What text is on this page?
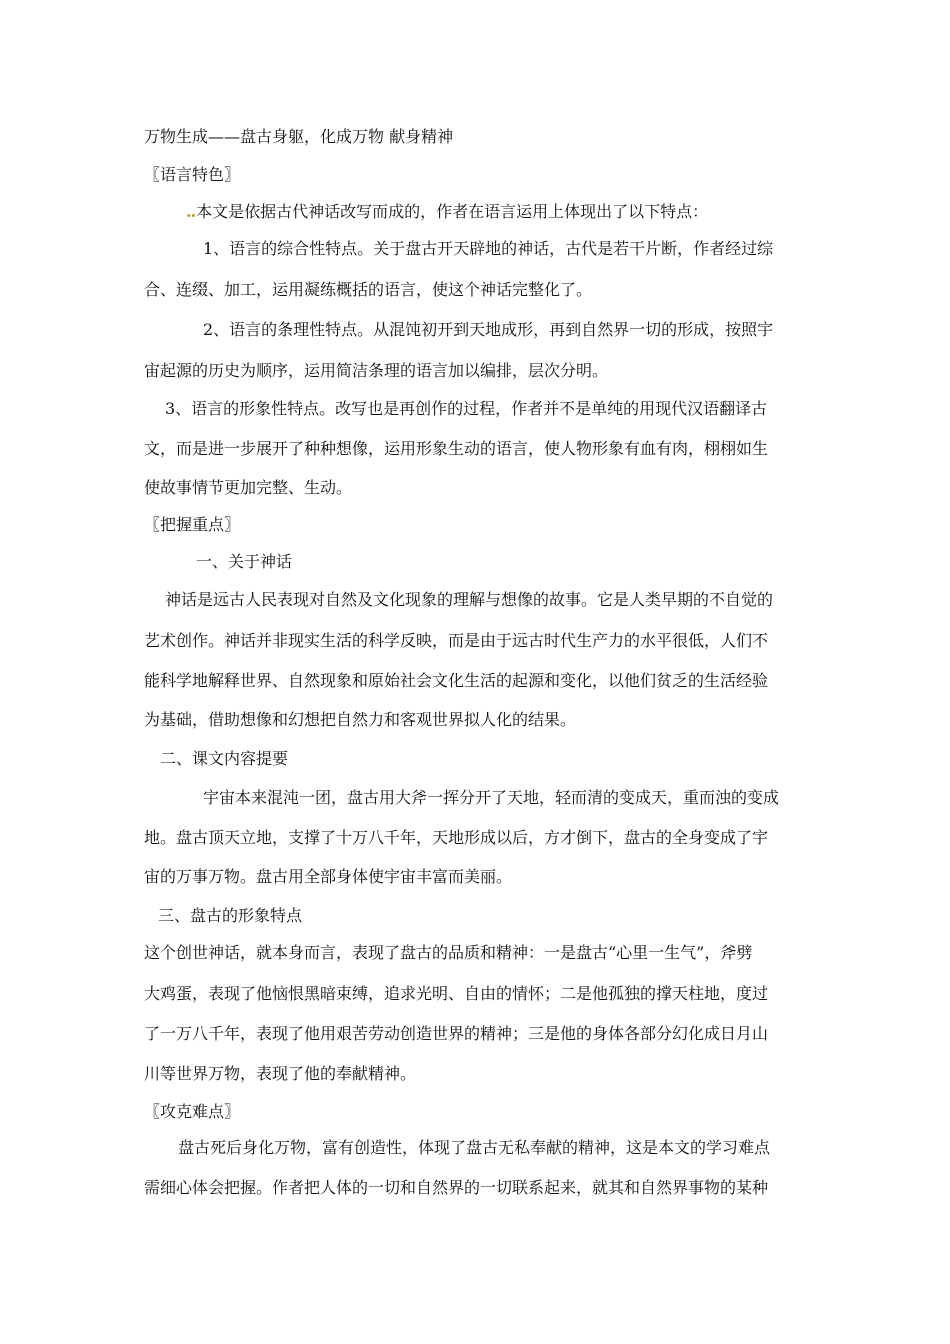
万物生成——盘古身躯，化成万物 献身精神
〖语言特色〗
..本文是依据古代神话改写而成的，作者在语言运用上体现出了以下特点：
1、语言的综合性特点。关于盘古开天辟地的神话，古代是若干片断，作者经过综
合、连缀、加工，运用凝练概括的语言，使这个神话完整化了。
2、语言的条理性特点。从混饨初开到天地成形，再到自然界一切的形成，按照宇
宙起源的历史为顺序，运用简洁条理的语言加以编排，层次分明。
3、语言的形象性特点。改写也是再创作的过程，作者并不是单纯的用现代汉语翻译古
文，而是进一步展开了种种想像，运用形象生动的语言，使人物形象有血有肉，栩栩如生
使故事情节更加完整、生动。
〖把握重点〗
一、关于神话
神话是远古人民表现对自然及文化现象的理解与想像的故事。它是人类早期的不自觉的
艺术创作。神话并非现实生活的科学反映，而是由于远古时代生产力的水平很低，人们不
能科学地解释世界、自然现象和原始社会文化生活的起源和变化，以他们贫乏的生活经验
为基础，借助想像和幻想把自然力和客观世界拟人化的结果。
二、课文内容提要
宇宙本来混沌一团，盘古用大斧一挥分开了天地，轻而清的变成天，重而浊的变成
地。盘古顶天立地，支撑了十万八千年，天地形成以后，方才倒下，盘古的全身变成了宇
宙的万事万物。盘古用全部身体使宇宙丰富而美丽。
三、盘古的形象特点
这个创世神话，就本身而言，表现了盘古的品质和精神：一是盘古“心里一生气”，斧劈
大鸡蛋，表现了他恼恨黑暗束缚，追求光明、自由的情怀；二是他孤独的撑天柱地，度过
了一万八千年，表现了他用艰苦劳动创造世界的精神；三是他的身体各部分幻化成日月山
川等世界万物，表现了他的奉献精神。
〖攻克难点〗
盘古死后身化万物，富有创造性，体现了盘古无私奉献的精神，这是本文的学习难点
需细心体会把握。作者把人体的一切和自然界的一切联系起来，就其和自然界事物的某种
